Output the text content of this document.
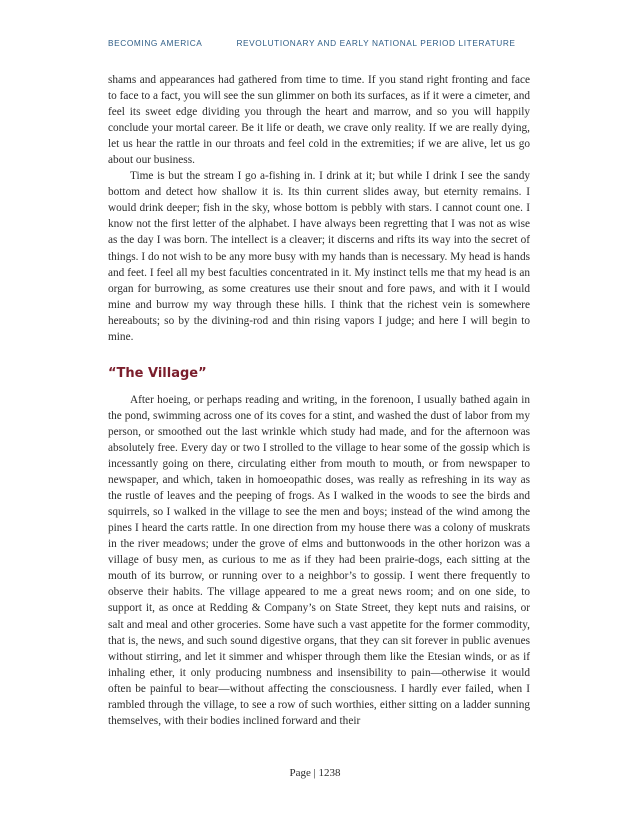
BECOMING AMERICA	REVOLUTIONARY AND EARLY NATIONAL PERIOD LITERATURE

shams and appearances had gathered from time to time. If you stand right fronting and face to face to a fact, you will see the sun glimmer on both its surfaces, as if it were a cimeter, and feel its sweet edge dividing you through the heart and marrow, and so you will happily conclude your mortal career. Be it life or death, we crave only reality. If we are really dying, let us hear the rattle in our throats and feel cold in the extremities; if we are alive, let us go about our business.

Time is but the stream I go a-fishing in. I drink at it; but while I drink I see the sandy bottom and detect how shallow it is. Its thin current slides away, but eternity remains. I would drink deeper; fish in the sky, whose bottom is pebbly with stars. I cannot count one. I know not the first letter of the alphabet. I have always been regretting that I was not as wise as the day I was born. The intellect is a cleaver; it discerns and rifts its way into the secret of things. I do not wish to be any more busy with my hands than is necessary. My head is hands and feet. I feel all my best faculties concentrated in it. My instinct tells me that my head is an organ for burrowing, as some creatures use their snout and fore paws, and with it I would mine and burrow my way through these hills. I think that the richest vein is somewhere hereabouts; so by the divining-rod and thin rising vapors I judge; and here I will begin to mine.

“The Village”

After hoeing, or perhaps reading and writing, in the forenoon, I usually bathed again in the pond, swimming across one of its coves for a stint, and washed the dust of labor from my person, or smoothed out the last wrinkle which study had made, and for the afternoon was absolutely free. Every day or two I strolled to the village to hear some of the gossip which is incessantly going on there, circulating either from mouth to mouth, or from newspaper to newspaper, and which, taken in homoeopathic doses, was really as refreshing in its way as the rustle of leaves and the peeping of frogs. As I walked in the woods to see the birds and squirrels, so I walked in the village to see the men and boys; instead of the wind among the pines I heard the carts rattle. In one direction from my house there was a colony of muskrats in the river meadows; under the grove of elms and buttonwoods in the other horizon was a village of busy men, as curious to me as if they had been prairie-dogs, each sitting at the mouth of its burrow, or running over to a neighbor’s to gossip. I went there frequently to observe their habits. The village appeared to me a great news room; and on one side, to support it, as once at Redding & Company’s on State Street, they kept nuts and raisins, or salt and meal and other groceries. Some have such a vast appetite for the former commodity, that is, the news, and such sound digestive organs, that they can sit forever in public avenues without stirring, and let it simmer and whisper through them like the Etesian winds, or as if inhaling ether, it only producing numbness and insensibility to pain—otherwise it would often be painful to bear—without affecting the consciousness. I hardly ever failed, when I rambled through the village, to see a row of such worthies, either sitting on a ladder sunning themselves, with their bodies inclined forward and their

Page | 1238
